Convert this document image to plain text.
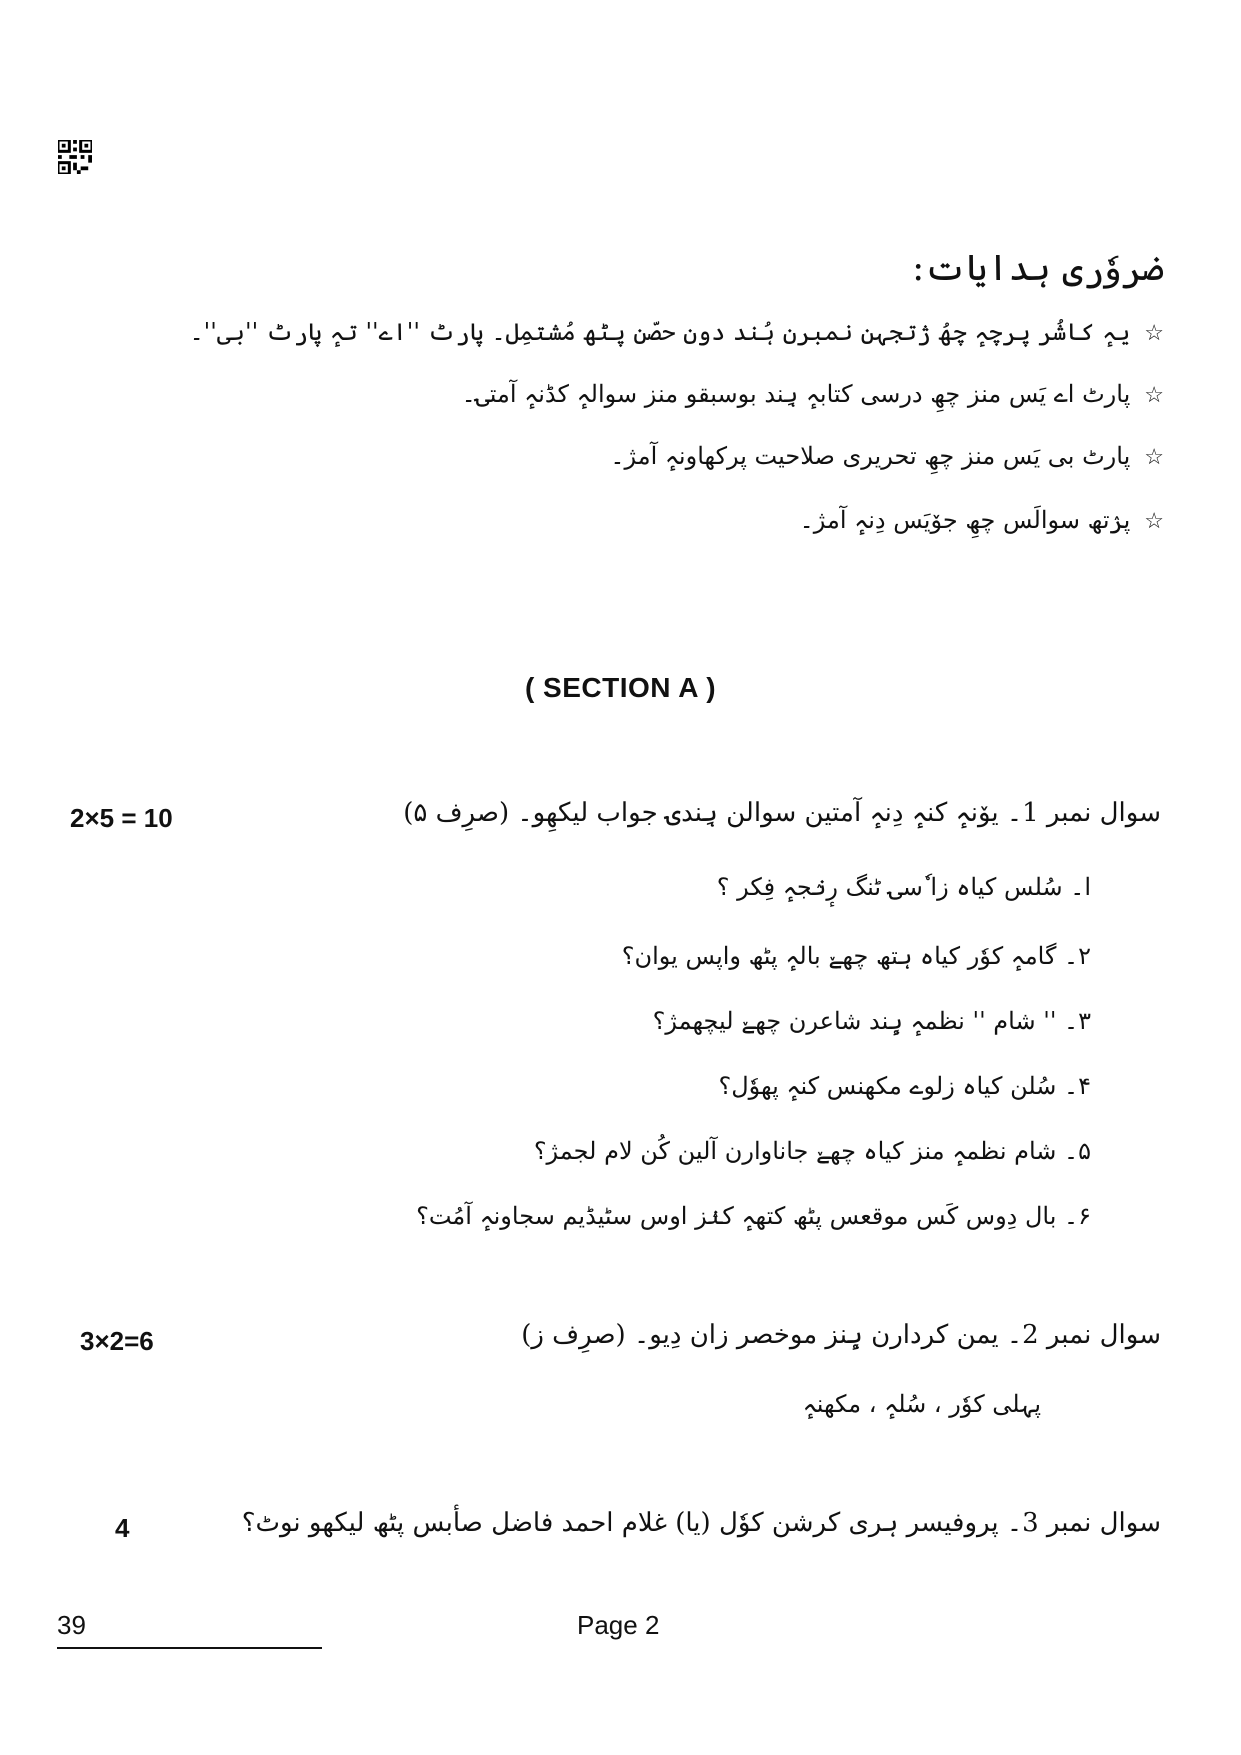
ضروٗری ہدایات:
☆یہٕ کاشُر پرچہٕ چھُ ژتجہن نمبرن ہُند دون حصّن پٹھ مُشتمِل۔ پارٹ ''اے'' تہٕ پارٹ ''بی''۔
☆پارٹ اے یَس منز چھِ درسی کتابہٕ ہِند بوسبقو منز سوالہٕ کڈنہٕ آمتۍ۔
☆پارٹ بی یَس منز چھِ تحریری صلاحیت پرکھاونہٕ آمژ۔
☆پرٛتھ سوالَس چھِ جوٚیَس دِنہٕ آمژ۔
( SECTION A )
2×5 = 10	سوال نمبر 1۔ یوٚنہٕ کنہٕ دِنہٕ آمتین سوالن ہِندۍ جواب لیکھِو۔ (صرِف ۵)
ا۔ سُلس کیاہ زا ٗسۍ ٹنگ رٕنٛجہٕ فِکر ؟
۲۔ گامہٕ کوٗر کیاہ ہتھ چھےٚ بالہٕ پٹھ واپس یوان؟
۳۔ '' شام '' نظمہٕ ہٕند شاعرن چھےٚ لیچھمژ؟
۴۔ سُلن کیاہ زلوے مکھنس کنہٕ پھوٗل؟
۵۔ شام نظمہٕ منز کیاہ چھےٚ جاناوارن آلین کُن لام لجمژ؟
۶۔ بال دِوس کَس موقعس پٹھ کتھہٕ کنٛز اوس سٹیڈیم سجاونہٕ آمُت؟
3×2=6	سوال نمبر 2۔ یمن کردارن ہٕنز موخصر زان دِیو۔ (صرِف ز)
پہلی کوٗر ، سُلہٕ ، مکھنہٕ
4	سوال نمبر 3۔ پروفیسر ہری کرشن کوٗل (یا) غلام احمد فاضل صأبس پٹھ لیکھو نوٹ؟
39	Page 2
